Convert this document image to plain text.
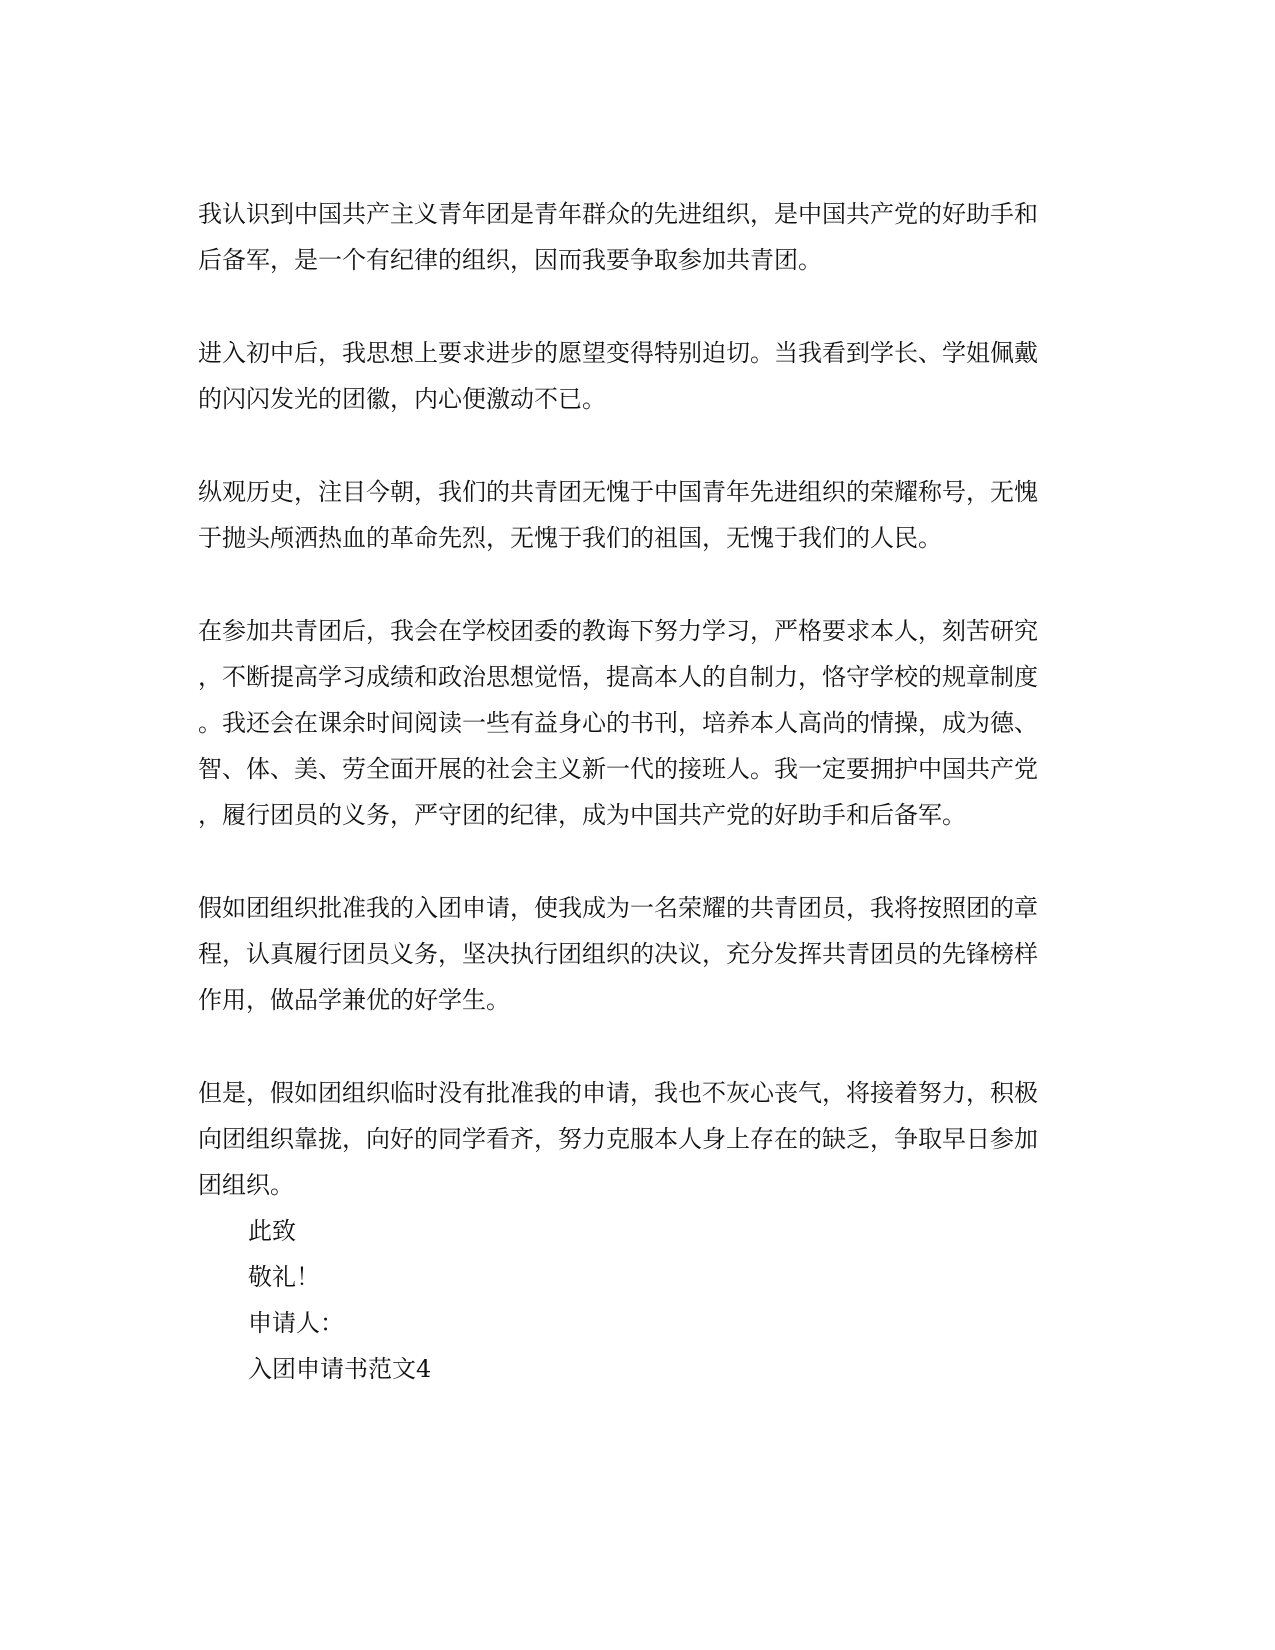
我认识到中国共产主义青年团是青年群众的先进组织，是中国共产党的好助手和
后备军，是一个有纪律的组织，因而我要争取参加共青团。
进入初中后，我思想上要求进步的愿望变得特别迫切。当我看到学长、学姐佩戴
的闪闪发光的团徽，内心便激动不已。
纵观历史，注目今朝，我们的共青团无愧于中国青年先进组织的荣耀称号，无愧
于抛头颅洒热血的革命先烈，无愧于我们的祖国，无愧于我们的人民。
在参加共青团后，我会在学校团委的教诲下努力学习，严格要求本人，刻苦研究
，不断提高学习成绩和政治思想觉悟，提高本人的自制力，恪守学校的规章制度
。我还会在课余时间阅读一些有益身心的书刊，培养本人高尚的情操，成为德、
智、体、美、劳全面开展的社会主义新一代的接班人。我一定要拥护中国共产党
，履行团员的义务，严守团的纪律，成为中国共产党的好助手和后备军。
假如团组织批准我的入团申请，使我成为一名荣耀的共青团员，我将按照团的章
程，认真履行团员义务，坚决执行团组织的决议，充分发挥共青团员的先锋榜样
作用，做品学兼优的好学生。
但是，假如团组织临时没有批准我的申请，我也不灰心丧气，将接着努力，积极
向团组织靠拢，向好的同学看齐，努力克服本人身上存在的缺乏，争取早日参加
团组织。
此致
敬礼！
申请人：
入团申请书范文4
